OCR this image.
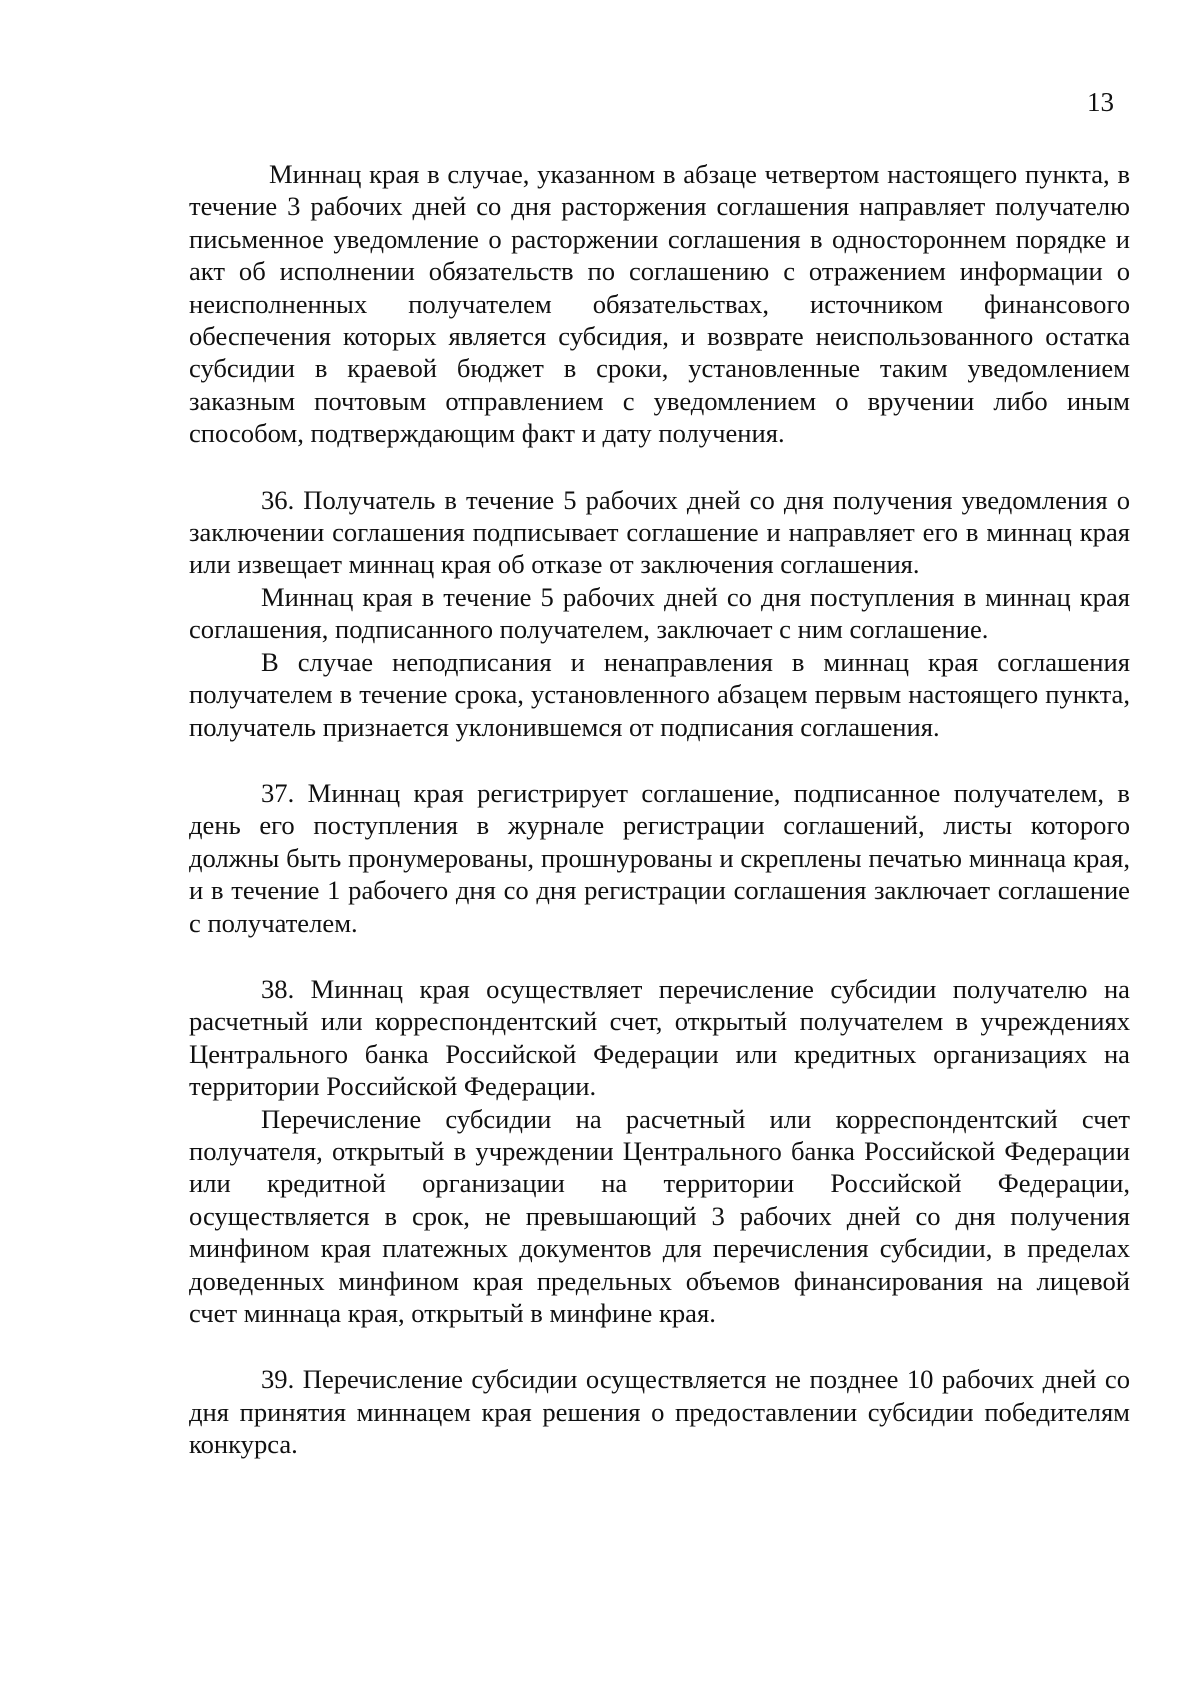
13

Миннац края в случае, указанном в абзаце четвертом настоящего пункта, в течение 3 рабочих дней со дня расторжения соглашения направляет получателю письменное уведомление о расторжении соглашения в одностороннем порядке и акт об исполнении обязательств по соглашению с отражением информации о неисполненных получателем обязательствах, источником финансового обеспечения которых является субсидия, и возврате неиспользованного остатка субсидии в краевой бюджет в сроки, установленные таким уведомлением заказным почтовым отправлением с уведомлением о вручении либо иным способом, подтверждающим факт и дату получения.

36. Получатель в течение 5 рабочих дней со дня получения уведомления о заключении соглашения подписывает соглашение и направляет его в миннац края или извещает миннац края об отказе от заключения соглашения.

Миннац края в течение 5 рабочих дней со дня поступления в миннац края соглашения, подписанного получателем, заключает с ним соглашение.

В случае неподписания и ненаправления в миннац края соглашения получателем в течение срока, установленного абзацем первым настоящего пункта, получатель признается уклонившемся от подписания соглашения.

37. Миннац края регистрирует соглашение, подписанное получателем, в день его поступления в журнале регистрации соглашений, листы которого должны быть пронумерованы, прошнурованы и скреплены печатью миннаца края, и в течение 1 рабочего дня со дня регистрации соглашения заключает соглашение с получателем.

38. Миннац края осуществляет перечисление субсидии получателю на расчетный или корреспондентский счет, открытый получателем в учреждениях Центрального банка Российской Федерации или кредитных организациях на территории Российской Федерации.

Перечисление субсидии на расчетный или корреспондентский счет получателя, открытый в учреждении Центрального банка Российской Федерации или кредитной организации на территории Российской Федерации, осуществляется в срок, не превышающий 3 рабочих дней со дня получения минфином края платежных документов для перечисления субсидии, в пределах доведенных минфином края предельных объемов финансирования на лицевой счет миннаца края, открытый в минфине края.

39. Перечисление субсидии осуществляется не позднее 10 рабочих дней со дня принятия миннацем края решения о предоставлении субсидии победителям конкурса.
